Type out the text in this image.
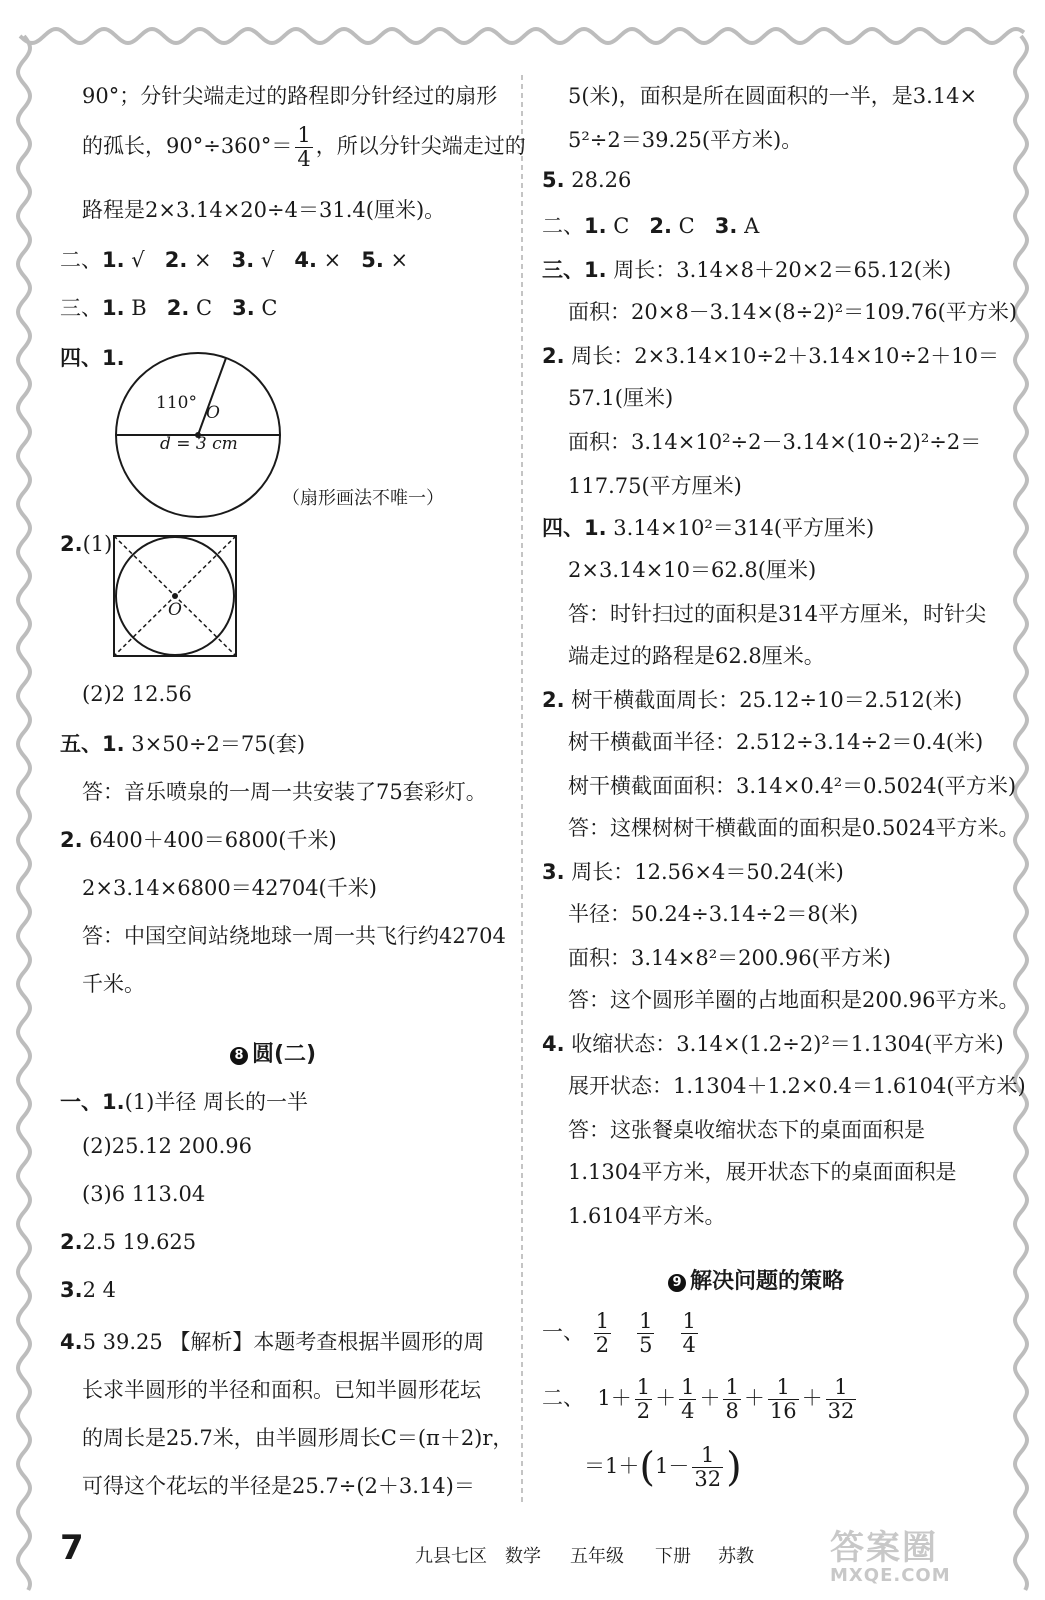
90°；分针尖端走过的路程即分针经过的扇形
的孤长，$90^\circ\div 360^\circ= \frac{1}{4}$ ，所以分针尖端走过的
路程是2×3.14×20÷4＝31.4(厘米)。
二、1. √ 2. × 3. √ 4. × 5. ×
三、1. B 2. C 3. C
四、1.
110° O
d = 3 cm
（扇形画法不唯一）
2.(1)
O
(2)2 12.56
五、1. 3×50÷2＝75(套)
答：音乐喷泉的一周一共安装了75套彩灯。
2. 6400＋400＝6800(千米)
2×3.14×6800＝42704(千米)
答：中国空间站绕地球一周一共飞行约42704
千米。
8 圆(二)
一、1.(1)半径 周长的一半
(2)25.12 200.96
(3)6 113.04
2.2.5 19.625
3.2 4
4.5 39.25 【解析】本题考查根据半圆形的周
长求半圆形的半径和面积。已知半圆形花坛
的周长是25.7米，由半圆形周长C＝(π＋2)r，
可得这个花坛的半径是25.7÷(2＋3.14)＝
5(米)，面积是所在圆面积的一半，是3.14×
5²÷2＝39.25(平方米)。
5. 28.26
二、1. C 2. C 3. A
三、1. 周长：3.14×8＋20×2＝65.12(米)
面积：20×8－3.14×(8÷2)²＝109.76(平方米)
2. 周长：2×3.14×10÷2＋3.14×10÷2＋10＝
57.1(厘米)
面积：3.14×10²÷2－3.14×(10÷2)²÷2＝
117.75(平方厘米)
四、1. 3.14×10²＝314(平方厘米)
2×3.14×10＝62.8(厘米)
答：时针扫过的面积是314平方厘米，时针尖
端走过的路程是62.8厘米。
2. 树干横截面周长：25.12÷10＝2.512(米)
树干横截面半径：2.512÷3.14÷2＝0.4(米)
树干横截面面积：3.14×0.4²＝0.5024(平方米)
答：这棵树树干横截面的面积是0.5024平方米。
3. 周长：12.56×4＝50.24(米)
半径：50.24÷3.14÷2＝8(米)
面积：3.14×8²＝200.96(平方米)
答：这个圆形羊圈的占地面积是200.96平方米。
4. 收缩状态：3.14×(1.2÷2)²＝1.1304(平方米)
展开状态：1.1304＋1.2×0.4＝1.6104(平方米)
答：这张餐桌收缩状态下的桌面面积是
1.1304平方米，展开状态下的桌面面积是
1.6104平方米。
9 解决问题的策略
一、 $\frac{1}{2}$
$\frac{1}{5}$
$\frac{1}{4}$
二、 $1+ \frac{1}{2} + \frac{1}{4} + \frac{1}{8} + \frac{1}{16} + \frac{1}{32}$
$=1+(1- \frac{1}{32}$ )
7	九县七区 数学 五年级 下册 苏教 答案圈
MXQE.COM
